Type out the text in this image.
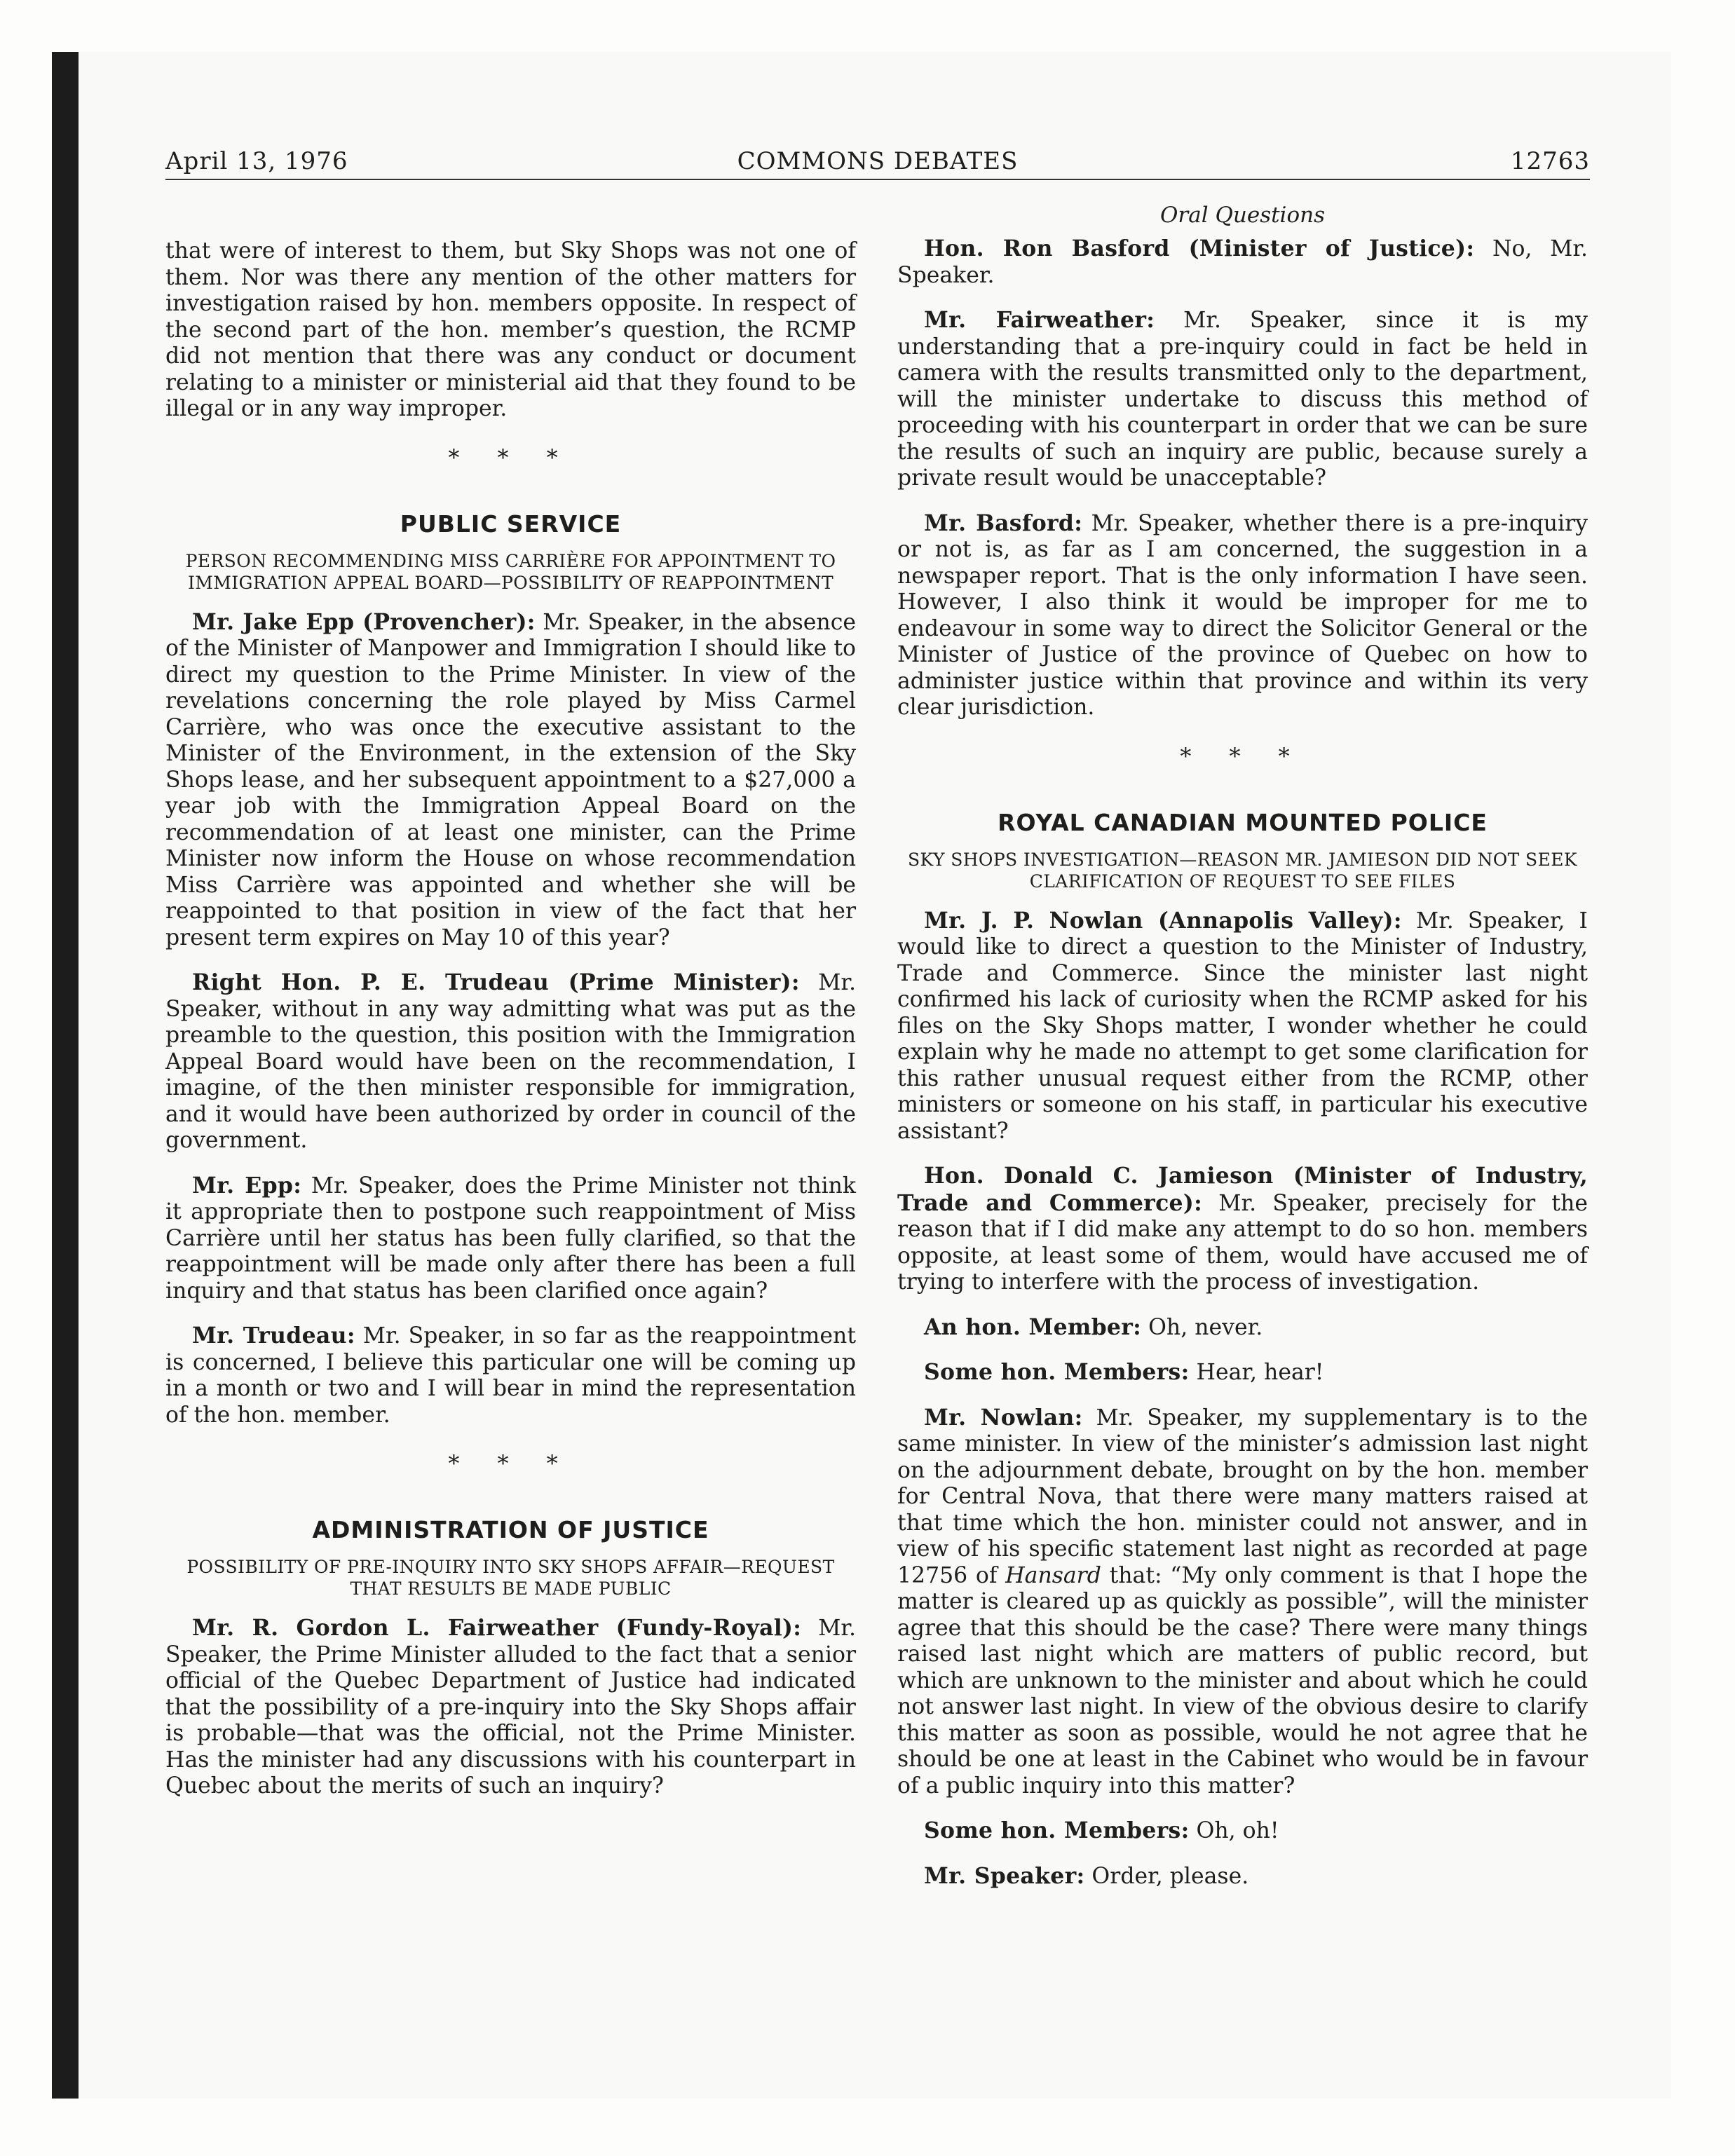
April 13, 1976	COMMONS DEBATES	12763

that were of interest to them, but Sky Shops was not one of them. Nor was there any mention of the other matters for investigation raised by hon. members opposite. In respect of the second part of the hon. member’s question, the RCMP did not mention that there was any conduct or document relating to a minister or ministerial aid that they found to be illegal or in any way improper.

* * *
PUBLIC SERVICE
PERSON RECOMMENDING MISS CARRIÈRE FOR APPOINTMENT TO IMMIGRATION APPEAL BOARD—POSSIBILITY OF REAPPOINTMENT

Mr. Jake Epp (Provencher): Mr. Speaker, in the absence of the Minister of Manpower and Immigration I should like to direct my question to the Prime Minister. In view of the revelations concerning the role played by Miss Carmel Carrière, who was once the executive assistant to the Minister of the Environment, in the extension of the Sky Shops lease, and her subsequent appointment to a $27,000 a year job with the Immigration Appeal Board on the recommendation of at least one minister, can the Prime Minister now inform the House on whose recommendation Miss Carrière was appointed and whether she will be reappointed to that position in view of the fact that her present term expires on May 10 of this year?

Right Hon. P. E. Trudeau (Prime Minister): Mr. Speaker, without in any way admitting what was put as the preamble to the question, this position with the Immigration Appeal Board would have been on the recommendation, I imagine, of the then minister responsible for immigration, and it would have been authorized by order in council of the government.

Mr. Epp: Mr. Speaker, does the Prime Minister not think it appropriate then to postpone such reappointment of Miss Carrière until her status has been fully clarified, so that the reappointment will be made only after there has been a full inquiry and that status has been clarified once again?

Mr. Trudeau: Mr. Speaker, in so far as the reappointment is concerned, I believe this particular one will be coming up in a month or two and I will bear in mind the representation of the hon. member.

* * *
ADMINISTRATION OF JUSTICE
POSSIBILITY OF PRE-INQUIRY INTO SKY SHOPS AFFAIR—REQUEST THAT RESULTS BE MADE PUBLIC

Mr. R. Gordon L. Fairweather (Fundy-Royal): Mr. Speaker, the Prime Minister alluded to the fact that a senior official of the Quebec Department of Justice had indicated that the possibility of a pre-inquiry into the Sky Shops affair is probable—that was the official, not the Prime Minister. Has the minister had any discussions with his counterpart in Quebec about the merits of such an inquiry?

Oral Questions

Hon. Ron Basford (Minister of Justice): No, Mr. Speaker.

Mr. Fairweather: Mr. Speaker, since it is my understanding that a pre-inquiry could in fact be held in camera with the results transmitted only to the department, will the minister undertake to discuss this method of proceeding with his counterpart in order that we can be sure the results of such an inquiry are public, because surely a private result would be unacceptable?

Mr. Basford: Mr. Speaker, whether there is a pre-inquiry or not is, as far as I am concerned, the suggestion in a newspaper report. That is the only information I have seen. However, I also think it would be improper for me to endeavour in some way to direct the Solicitor General or the Minister of Justice of the province of Quebec on how to administer justice within that province and within its very clear jurisdiction.

* * *
ROYAL CANADIAN MOUNTED POLICE
SKY SHOPS INVESTIGATION—REASON MR. JAMIESON DID NOT SEEK CLARIFICATION OF REQUEST TO SEE FILES

Mr. J. P. Nowlan (Annapolis Valley): Mr. Speaker, I would like to direct a question to the Minister of Industry, Trade and Commerce. Since the minister last night confirmed his lack of curiosity when the RCMP asked for his files on the Sky Shops matter, I wonder whether he could explain why he made no attempt to get some clarification for this rather unusual request either from the RCMP, other ministers or someone on his staff, in particular his executive assistant?

Hon. Donald C. Jamieson (Minister of Industry, Trade and Commerce): Mr. Speaker, precisely for the reason that if I did make any attempt to do so hon. members opposite, at least some of them, would have accused me of trying to interfere with the process of investigation.

An hon. Member: Oh, never.

Some hon. Members: Hear, hear!

Mr. Nowlan: Mr. Speaker, my supplementary is to the same minister. In view of the minister’s admission last night on the adjournment debate, brought on by the hon. member for Central Nova, that there were many matters raised at that time which the hon. minister could not answer, and in view of his specific statement last night as recorded at page 12756 of Hansard that: “My only comment is that I hope the matter is cleared up as quickly as possible”, will the minister agree that this should be the case? There were many things raised last night which are matters of public record, but which are unknown to the minister and about which he could not answer last night. In view of the obvious desire to clarify this matter as soon as possible, would he not agree that he should be one at least in the Cabinet who would be in favour of a public inquiry into this matter?

Some hon. Members: Oh, oh!

Mr. Speaker: Order, please.
